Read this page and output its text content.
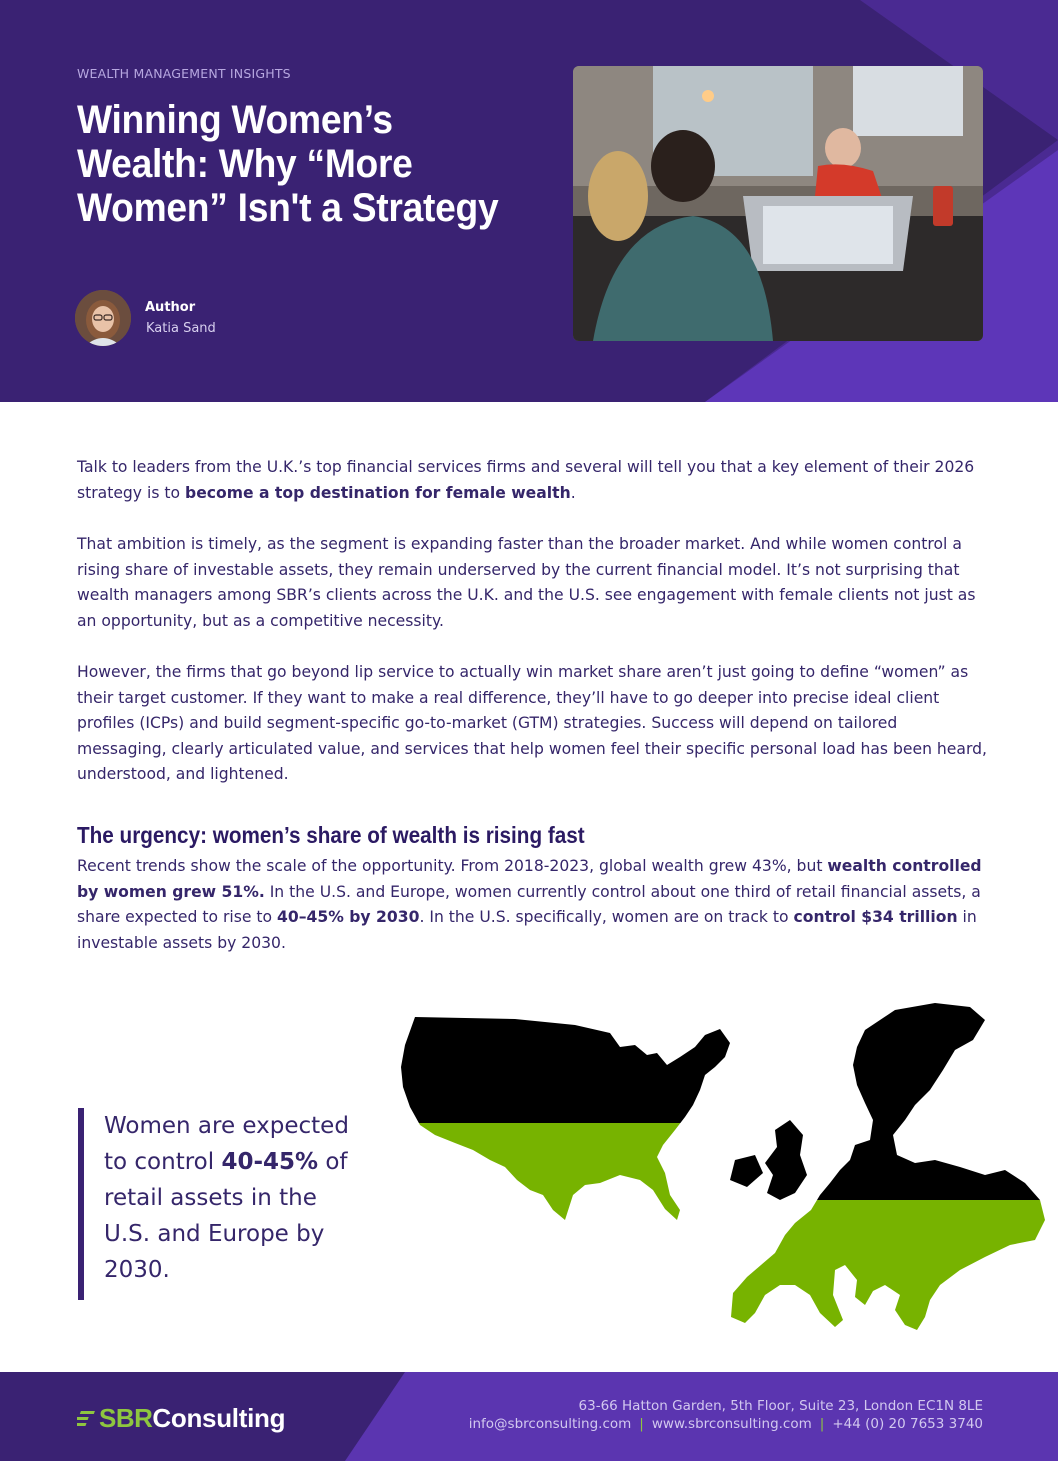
WEALTH MANAGEMENT INSIGHTS
Winning Women’s Wealth: Why “More Women” Isn't a Strategy
Author
Katia Sand

Talk to leaders from the U.K.’s top financial services firms and several will tell you that a key element of their 2026 strategy is to become a top destination for female wealth.

That ambition is timely, as the segment is expanding faster than the broader market. And while women control a rising share of investable assets, they remain underserved by the current financial model. It’s not surprising that wealth managers among SBR’s clients across the U.K. and the U.S. see engagement with female clients not just as an opportunity, but as a competitive necessity.

However, the firms that go beyond lip service to actually win market share aren’t just going to define “women” as their target customer. If they want to make a real difference, they’ll have to go deeper into precise ideal client profiles (ICPs) and build segment-specific go-to-market (GTM) strategies. Success will depend on tailored messaging, clearly articulated value, and services that help women feel their specific personal load has been heard, understood, and lightened.

The urgency: women’s share of wealth is rising fast

Recent trends show the scale of the opportunity. From 2018-2023, global wealth grew 43%, but wealth controlled by women grew 51%. In the U.S. and Europe, women currently control about one third of retail financial assets, a share expected to rise to 40–45% by 2030. In the U.S. specifically, women are on track to control $34 trillion in investable assets by 2030.

Women are expected to control 40-45% of retail assets in the U.S. and Europe by 2030.

SBR Consulting	63-66 Hatton Garden, 5th Floor, Suite 23, London EC1N 8LE
info@sbrconsulting.com | www.sbrconsulting.com | +44 (0) 20 7653 3740
